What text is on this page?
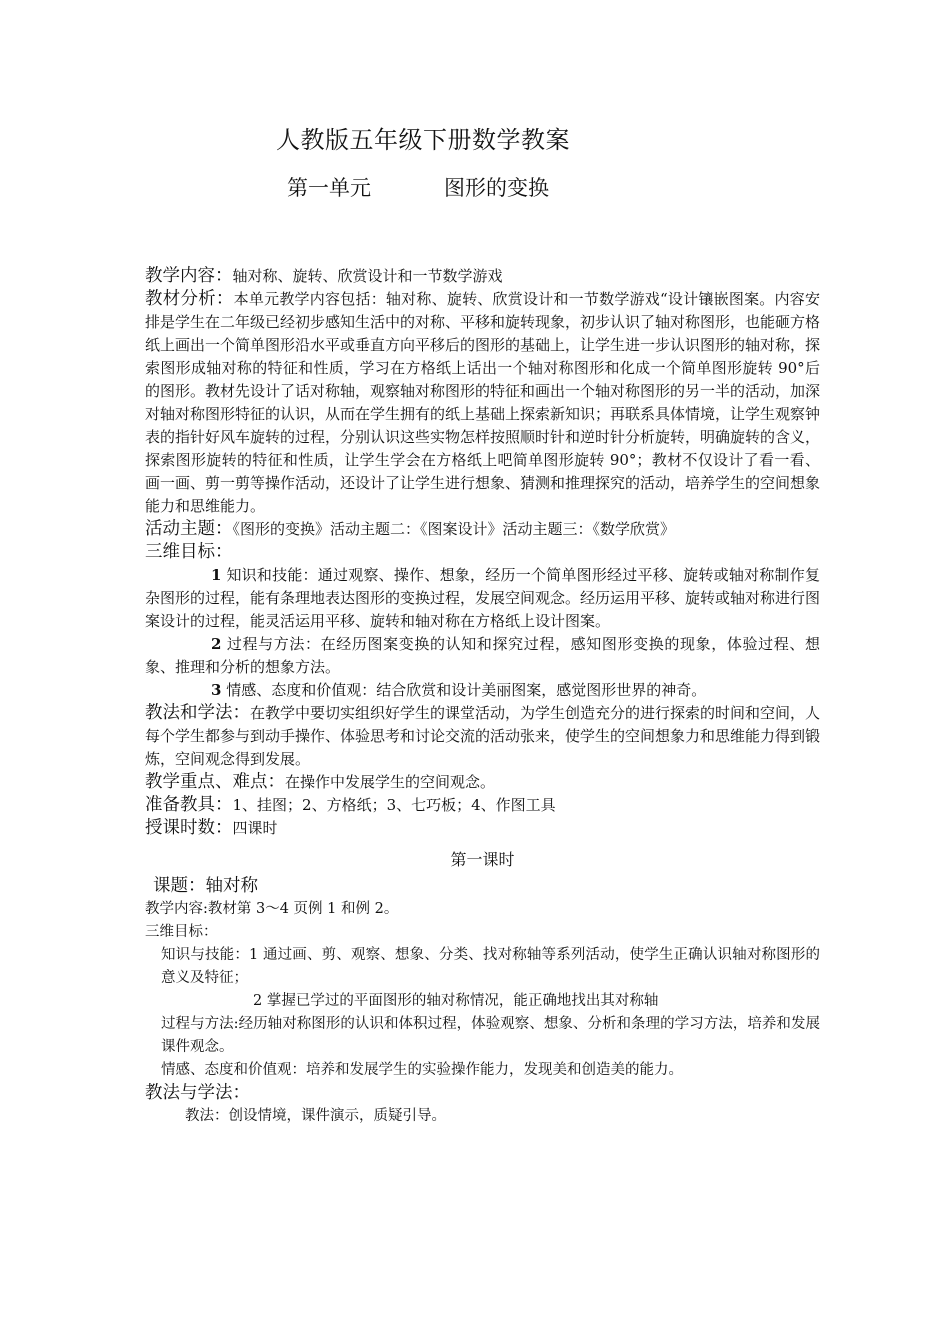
人教版五年级下册数学教案
第一单元	图形的变换

教学内容：轴对称、旋转、欣赏设计和一节数学游戏

教材分析：本单元教学内容包括：轴对称、旋转、欣赏设计和一节数学游戏“设计镶嵌图案。内容安排是学生在二年级已经初步感知生活中的对称、平移和旋转现象，初步认识了轴对称图形，也能砸方格纸上画出一个简单图形沿水平或垂直方向平移后的图形的基础上，让学生进一步认识图形的轴对称，探索图形成轴对称的特征和性质，学习在方格纸上话出一个轴对称图形和化成一个简单图形旋转 90°后的图形。教材先设计了话对称轴，观察轴对称图形的特征和画出一个轴对称图形的另一半的活动，加深对轴对称图形特征的认识，从而在学生拥有的纸上基础上探索新知识；再联系具体情境，让学生观察钟表的指针好风车旋转的过程，分别认识这些实物怎样按照顺时针和逆时针分析旋转，明确旋转的含义，探索图形旋转的特征和性质，让学生学会在方格纸上吧简单图形旋转 90°；教材不仅设计了看一看、画一画、剪一剪等操作活动，还设计了让学生进行想象、猜测和推理探究的活动，培养学生的空间想象能力和思维能力。

活动主题：《图形的变换》活动主题二：《图案设计》活动主题三：《数学欣赏》

三维目标：

1 知识和技能：通过观察、操作、想象，经历一个简单图形经过平移、旋转或轴对称制作复杂图形的过程，能有条理地表达图形的变换过程，发展空间观念。经历运用平移、旋转或轴对称进行图案设计的过程，能灵活运用平移、旋转和轴对称在方格纸上设计图案。

2 过程与方法：在经历图案变换的认知和探究过程，感知图形变换的现象，体验过程、想象、推理和分析的想象方法。

3 情感、态度和价值观：结合欣赏和设计美丽图案，感觉图形世界的神奇。

教法和学法：在教学中要切实组织好学生的课堂活动，为学生创造充分的进行探索的时间和空间，人每个学生都参与到动手操作、体验思考和讨论交流的活动张来，使学生的空间想象力和思维能力得到锻炼，空间观念得到发展。

教学重点、难点：在操作中发展学生的空间观念。

准备教具：1、挂图；2、方格纸；3、七巧板；4、作图工具

授课时数：四课时

第一课时

课题：轴对称

教学内容:教材第 3～4 页例 1 和例 2。

三维目标：

知识与技能：1 通过画、剪、观察、想象、分类、找对称轴等系列活动，使学生正确认识轴对称图形的意义及特征；

2 掌握已学过的平面图形的轴对称情况，能正确地找出其对称轴

过程与方法:经历轴对称图形的认识和体积过程，体验观察、想象、分析和条理的学习方法，培养和发展课件观念。

情感、态度和价值观：培养和发展学生的实验操作能力，发现美和创造美的能力。

教法与学法：

教法：创设情境，课件演示，质疑引导。
